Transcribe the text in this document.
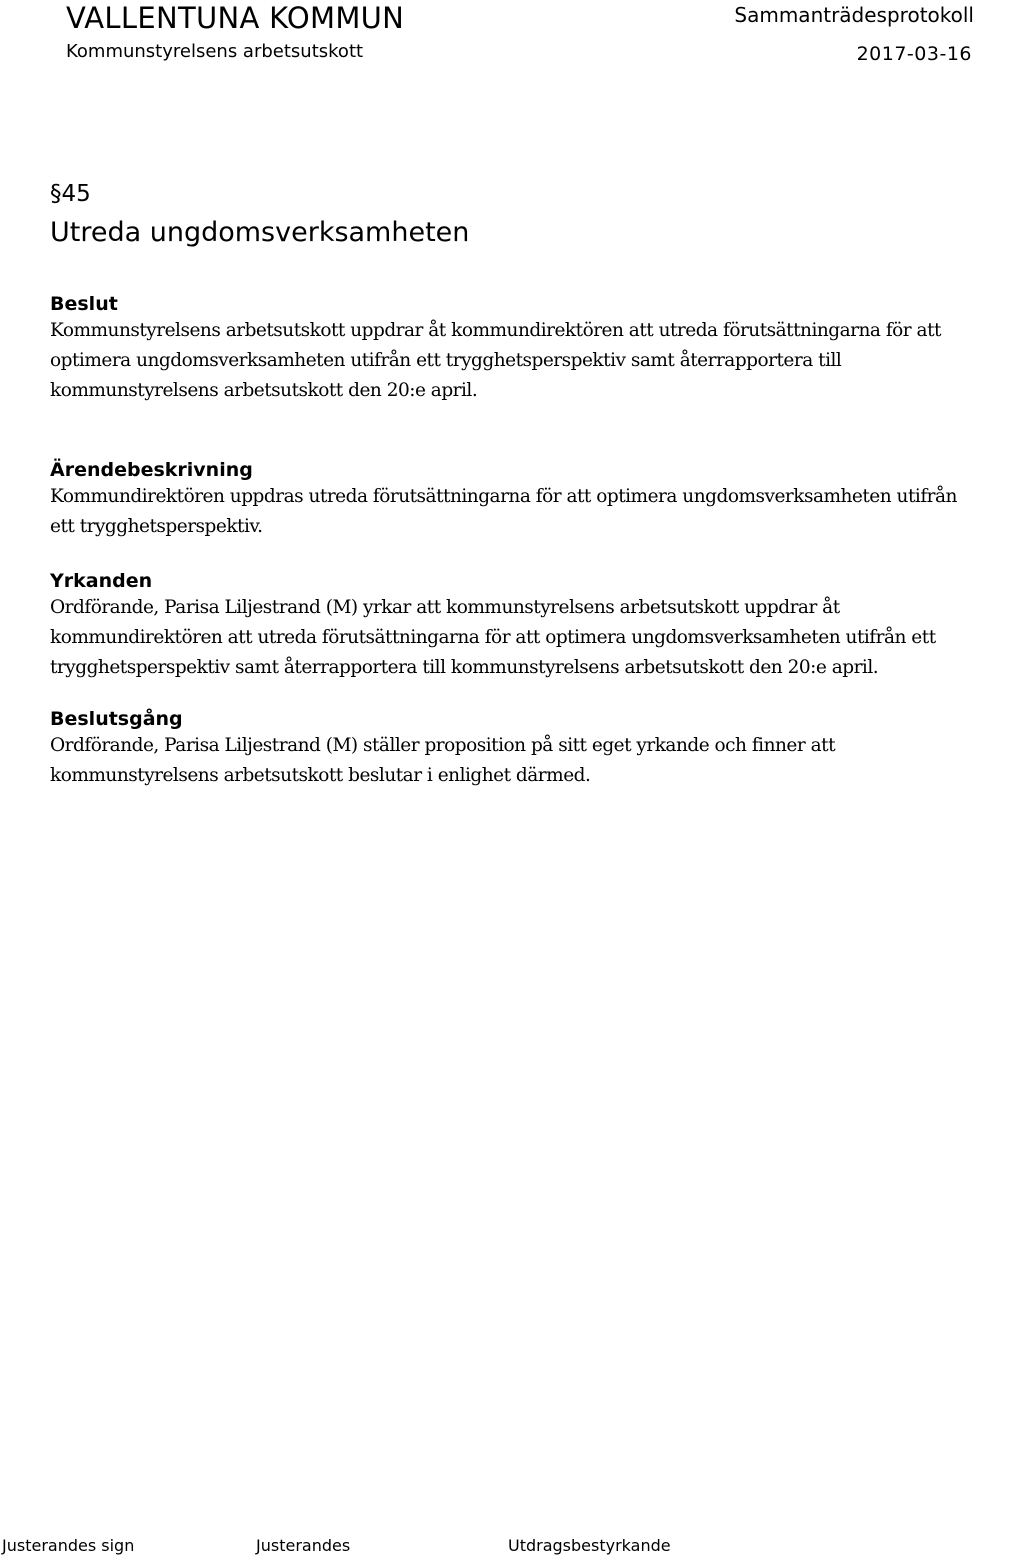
VALLENTUNA KOMMUN
Kommunstyrelsens arbetsutskott
Sammanträdesprotokoll
2017-03-16
§45
Utreda ungdomsverksamheten
Beslut

Kommunstyrelsens arbetsutskott uppdrar åt kommundirektören att utreda förutsättningarna för att

optimera ungdomsverksamheten utifrån ett trygghetsperspektiv samt återrapportera till

kommunstyrelsens arbetsutskott den 20:e april.

Ärendebeskrivning

Kommundirektören uppdras utreda förutsättningarna för att optimera ungdomsverksamheten utifrån

ett trygghetsperspektiv.

Yrkanden

Ordförande, Parisa Liljestrand (M) yrkar att kommunstyrelsens arbetsutskott uppdrar åt

kommundirektören att utreda förutsättningarna för att optimera ungdomsverksamheten utifrån ett

trygghetsperspektiv samt återrapportera till kommunstyrelsens arbetsutskott den 20:e april.

Beslutsgång

Ordförande, Parisa Liljestrand (M) ställer proposition på sitt eget yrkande och finner att

kommunstyrelsens arbetsutskott beslutar i enlighet därmed.

Justerandes sign	Justerandes	Utdragsbestyrkande
